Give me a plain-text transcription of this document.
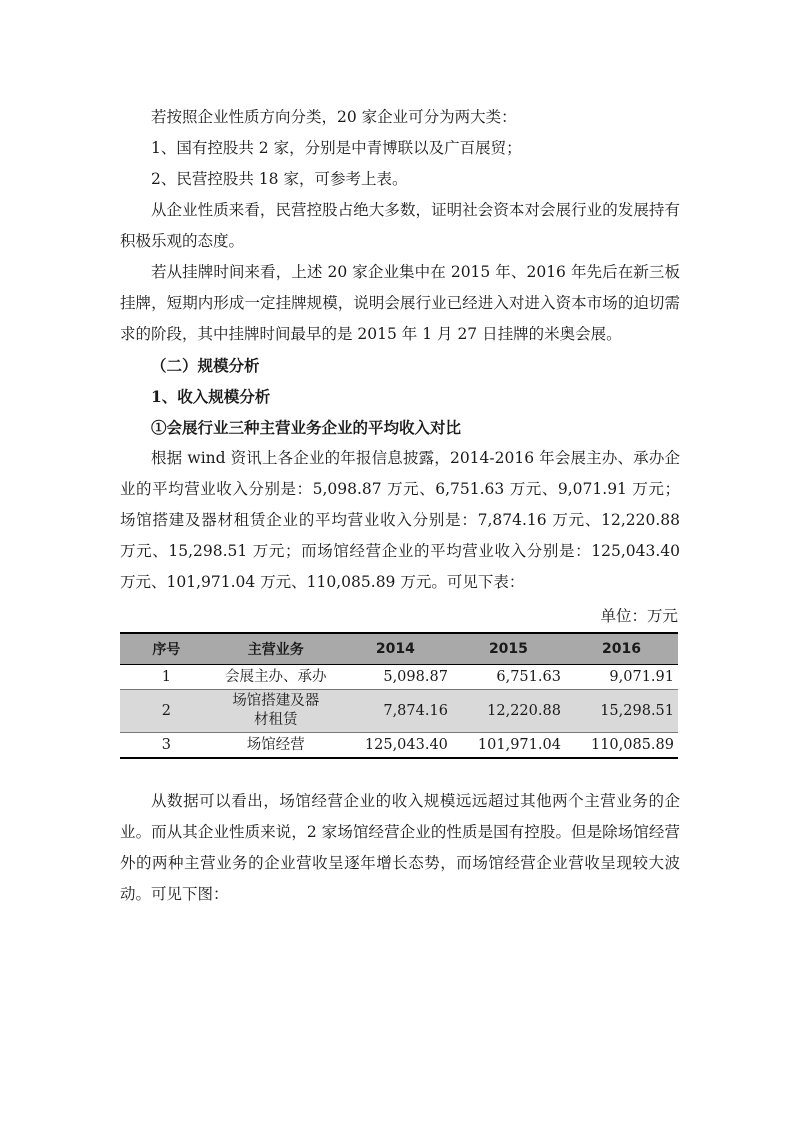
若按照企业性质方向分类，20 家企业可分为两大类：

1、国有控股共 2 家，分别是中青博联以及广百展贸；

2、民营控股共 18 家，可参考上表。

从企业性质来看，民营控股占绝大多数，证明社会资本对会展行业的发展持有积极乐观的态度。

若从挂牌时间来看，上述 20 家企业集中在 2015 年、2016 年先后在新三板挂牌，短期内形成一定挂牌规模，说明会展行业已经进入对进入资本市场的迫切需求的阶段，其中挂牌时间最早的是 2015 年 1 月 27 日挂牌的米奥会展。

（二）规模分析

1、收入规模分析

①会展行业三种主营业务企业的平均收入对比

根据 wind 资讯上各企业的年报信息披露，2014-2016 年会展主办、承办企业的平均营业收入分别是：5,098.87 万元、6,751.63 万元、9,071.91 万元；场馆搭建及器材租赁企业的平均营业收入分别是：7,874.16 万元、12,220.88 万元、15,298.51 万元；而场馆经营企业的平均营业收入分别是：125,043.40 万元、101,971.04 万元、110,085.89 万元。可见下表：

单位：万元
序号	主营业务	2014	2015	2016
1	会展主办、承办	5,098.87	6,751.63	9,071.91
2	场馆搭建及器材租赁	7,874.16	12,220.88	15,298.51
3	场馆经营	125,043.40	101,971.04	110,085.89

从数据可以看出，场馆经营企业的收入规模远远超过其他两个主营业务的企业。而从其企业性质来说，2 家场馆经营企业的性质是国有控股。但是除场馆经营外的两种主营业务的企业营收呈逐年增长态势，而场馆经营企业营收呈现较大波动。可见下图：
